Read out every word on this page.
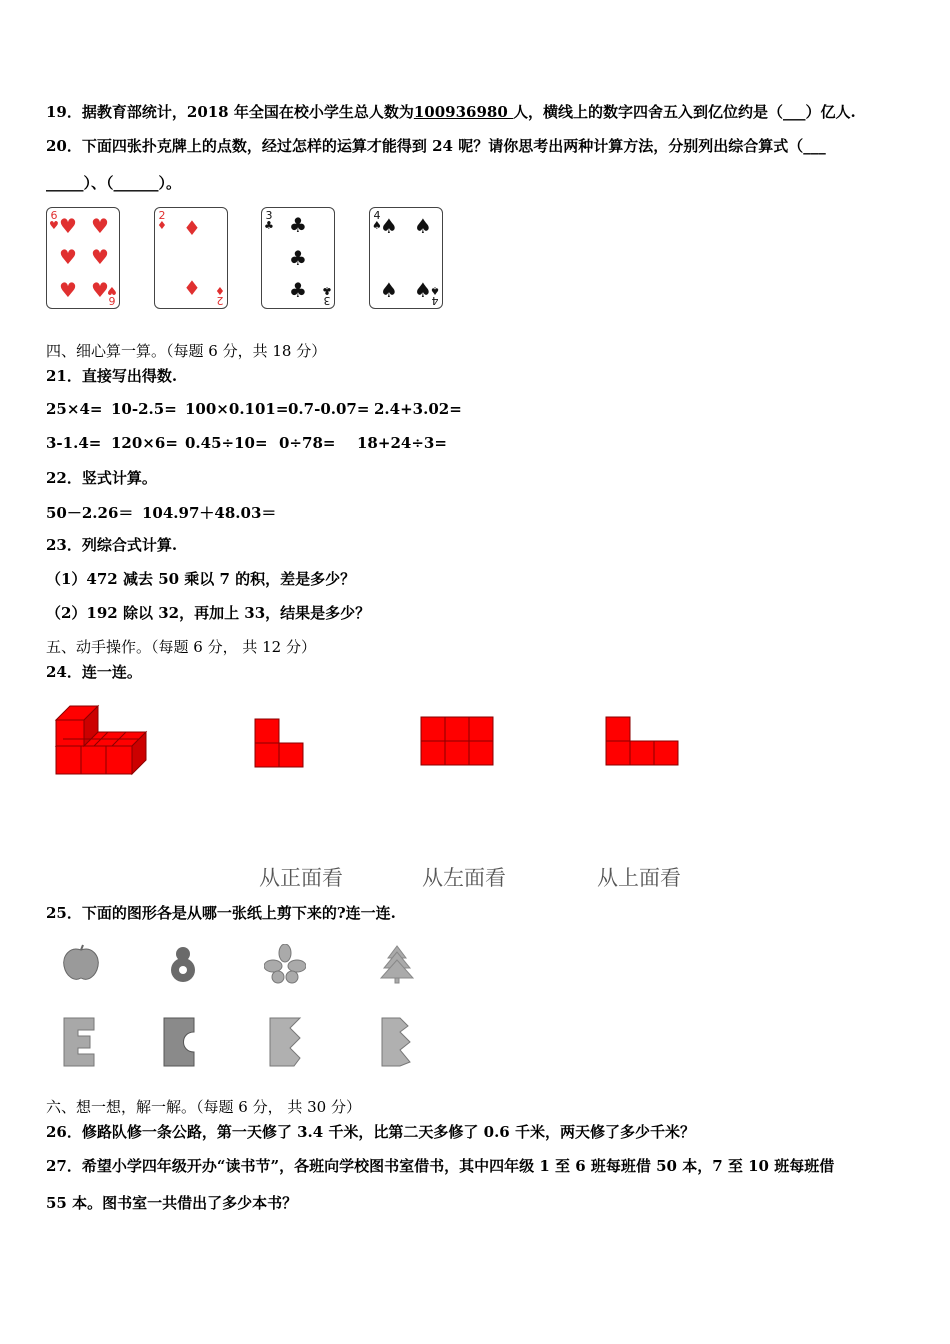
19．据教育部统计，2018 年全国在校小学生总人数为100936980 人，横线上的数字四舍五入到亿位约是（___）亿人.
20．下面四张扑克牌上的点数，经过怎样的运算才能得到 24 呢？请你思考出两种计算方法，分别列出综合算式（___
_____）、（______）。
6
♥ ♥ ♥
♥ ♥
♥ ♥ 6
♥
2
♦ ♦
♦
2
♦
3
♣ ♣
♣
♣ 3
♣
4
♠
♠ ♠
♠ ♠ 4
♠
四、细心算一算。（每题 6 分，共 18 分）
21．直接写出得数.
25×4= 10-2.5= 100×0.101=0.7-0.07= 2.4+3.02=
3-1.4= 120×6= 0.45÷10= 0÷78= 18+24÷3=
22．竖式计算。
50－2.26＝ 104.97＋48.03＝
23．列综合式计算.
（1）472 减去 50 乘以 7 的积，差是多少？
（2）192 除以 32，再加上 33，结果是多少？
五、动手操作。（每题 6 分， 共 12 分）
24．连一连。
从正面看	从左面看	从上面看
25．下面的图形各是从哪一张纸上剪下来的?连一连.
六、想一想，解一解。（每题 6 分， 共 30 分）
26．修路队修一条公路，第一天修了 3.4 千米，比第二天多修了 0.6 千米，两天修了多少千米？
27．希望小学四年级开办“读书节”，各班向学校图书室借书，其中四年级 1 至 6 班每班借 50 本，7 至 10 班每班借
55 本。图书室一共借出了多少本书？
